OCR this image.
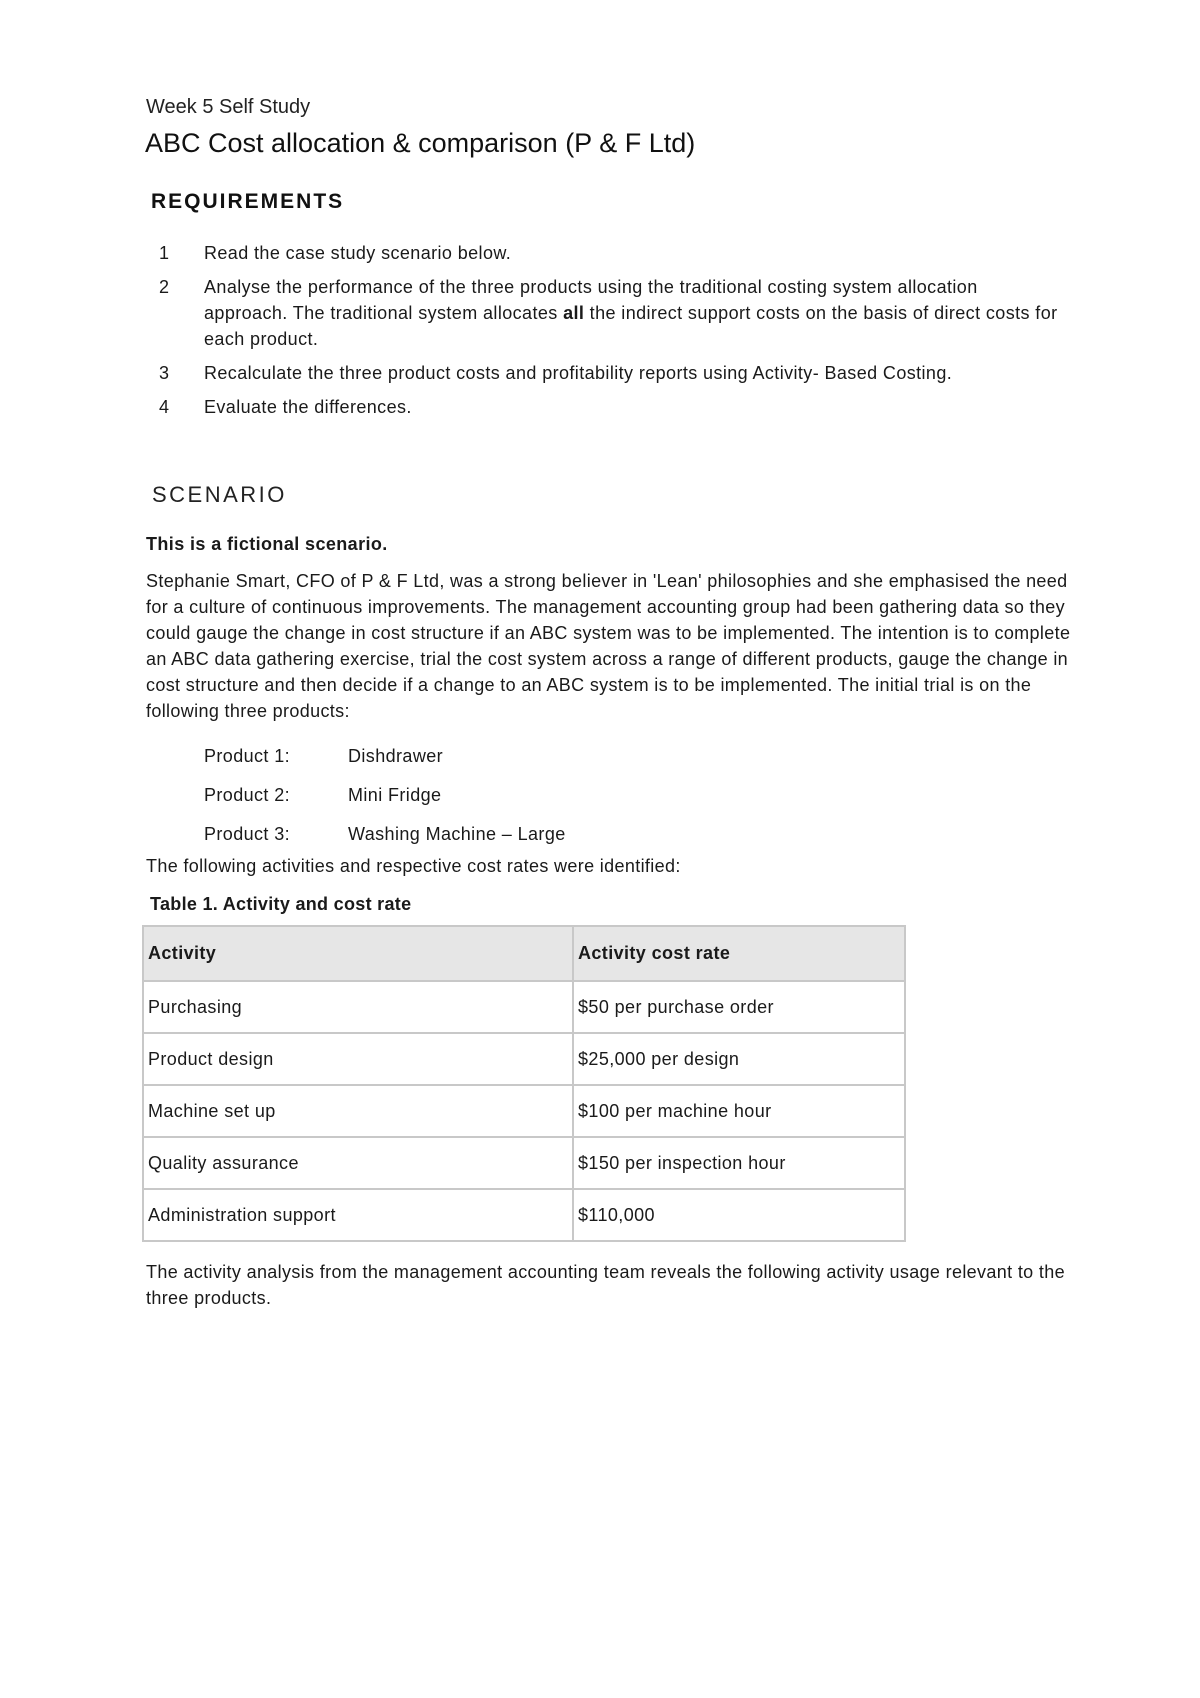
Week 5 Self Study
ABC Cost allocation & comparison (P & F Ltd)
REQUIREMENTS
1 Read the case study scenario below.
2 Analyse the performance of the three products using the traditional costing system allocation approach. The traditional system allocates all the indirect support costs on the basis of direct costs for each product.
3 Recalculate the three product costs and profitability reports using Activity- Based Costing.
4 Evaluate the differences.
SCENARIO
This is a fictional scenario.

Stephanie Smart, CFO of P & F Ltd, was a strong believer in 'Lean' philosophies and she emphasised the need for a culture of continuous improvements. The management accounting group had been gathering data so they could gauge the change in cost structure if an ABC system was to be implemented. The intention is to complete an ABC data gathering exercise, trial the cost system across a range of different products, gauge the change in cost structure and then decide if a change to an ABC system is to be implemented. The initial trial is on the following three products:

Product 1:	Dishdrawer
Product 2:	Mini Fridge
Product 3:	Washing Machine – Large
The following activities and respective cost rates were identified:
Table 1. Activity and cost rate
Activity	Activity cost rate
Purchasing	$50 per purchase order
Product design	$25,000 per design
Machine set up	$100 per machine hour
Quality assurance	$150 per inspection hour
Administration support	$110,000

The activity analysis from the management accounting team reveals the following activity usage relevant to the three products.
